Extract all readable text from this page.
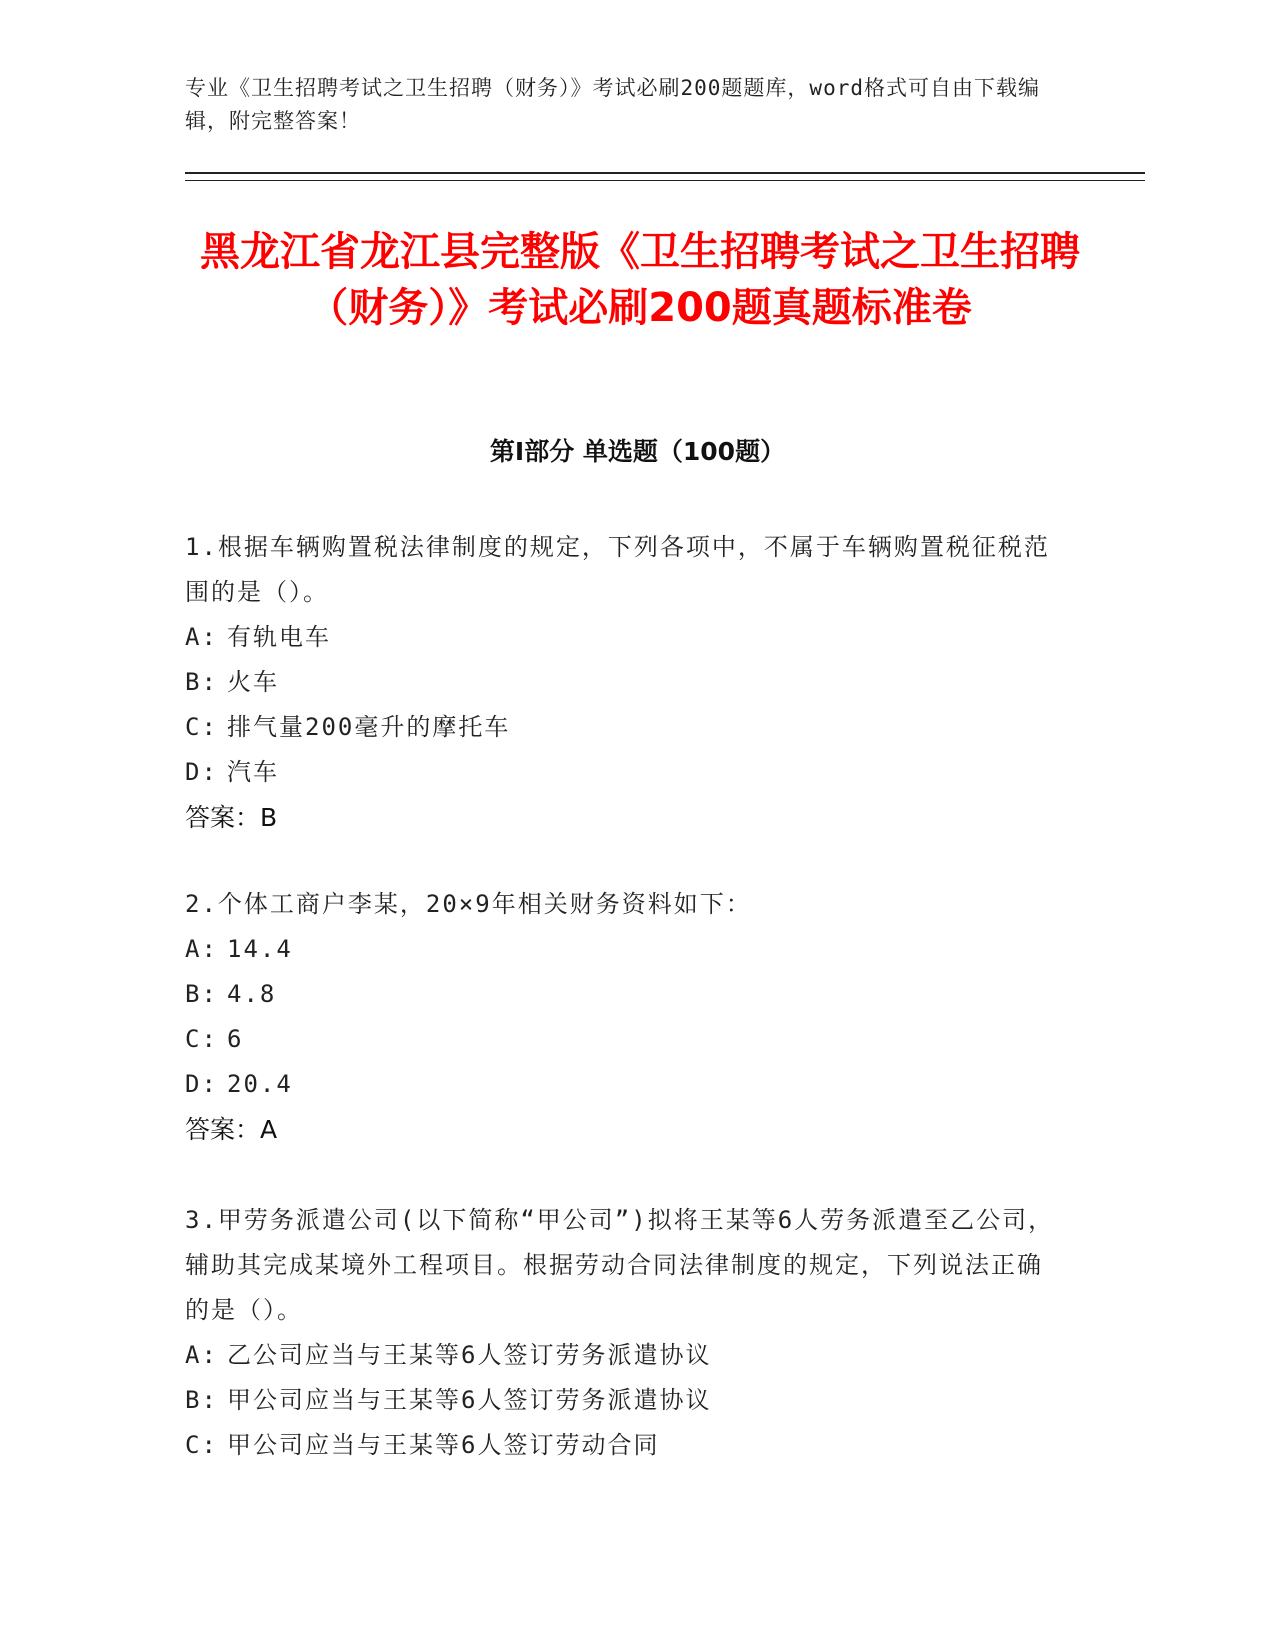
专业《卫生招聘考试之卫生招聘（财务）》考试必刷200题题库，word格式可自由下载编辑，附完整答案！
黑龙江省龙江县完整版《卫生招聘考试之卫生招聘（财务）》考试必刷200题真题标准卷
第I部分 单选题（100题）
1.根据车辆购置税法律制度的规定，下列各项中，不属于车辆购置税征税范围的是（）。
A: 有轨电车
B: 火车
C: 排气量200毫升的摩托车
D: 汽车
答案：B
2.个体工商户李某，20×9年相关财务资料如下：
A: 14.4
B: 4.8
C: 6
D: 20.4
答案：A
3.甲劳务派遣公司(以下简称“甲公司”)拟将王某等6人劳务派遣至乙公司，辅助其完成某境外工程项目。根据劳动合同法律制度的规定，下列说法正确的是（）。
A: 乙公司应当与王某等6人签订劳务派遣协议
B: 甲公司应当与王某等6人签订劳务派遣协议
C: 甲公司应当与王某等6人签订劳动合同
